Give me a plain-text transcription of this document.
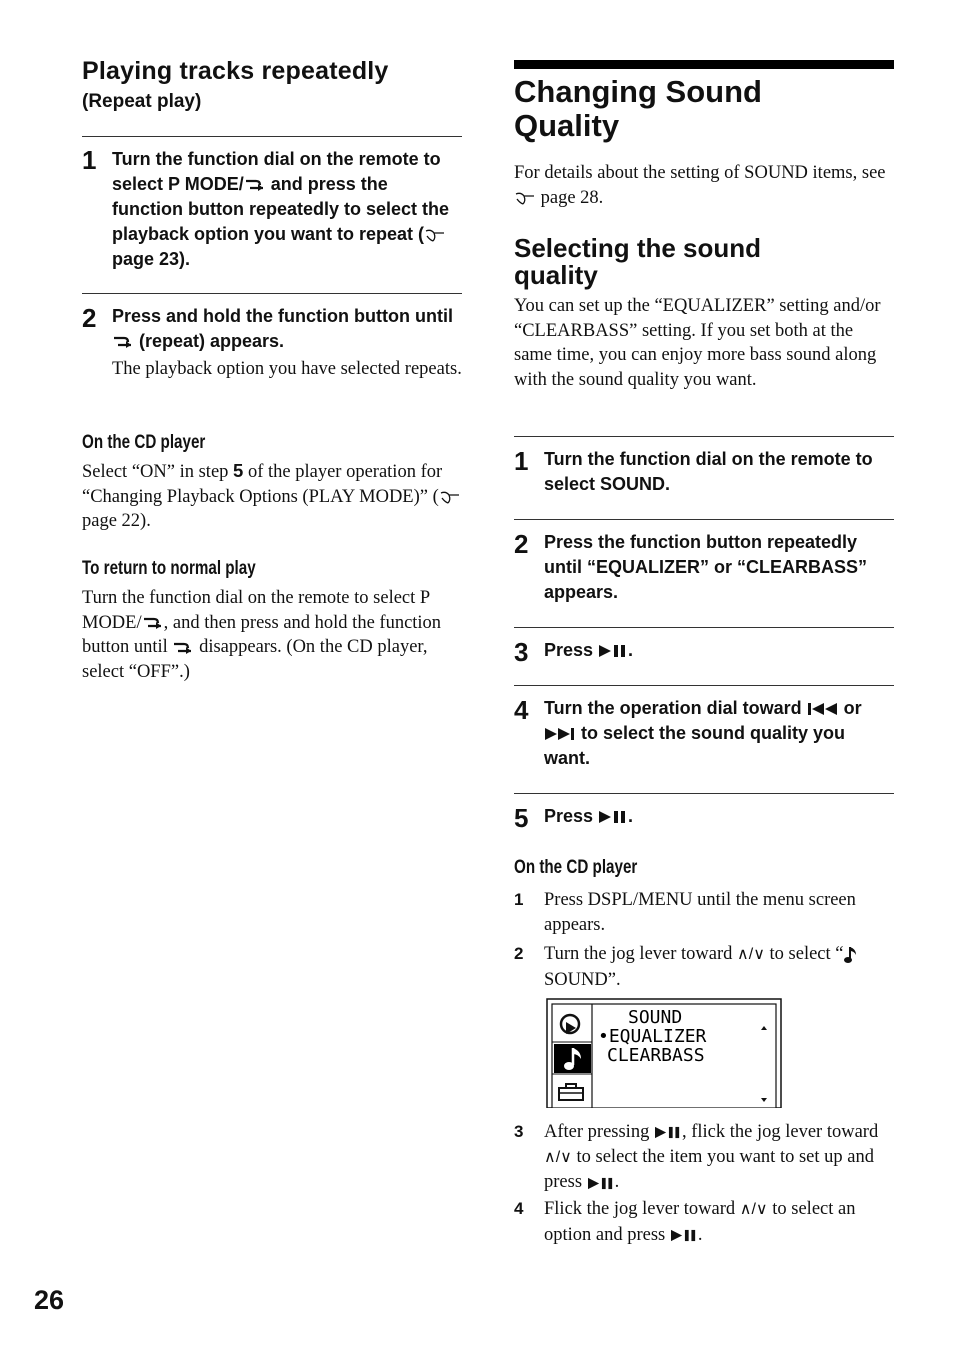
Playing tracks repeatedly
(Repeat play)
1 Turn the function dial on the remote to select P MODE/ and press the function button repeatedly to select the playback option you want to repeat (page 23).
2 Press and hold the function button until  (repeat) appears.
The playback option you have selected repeats.
On the CD player
Select “ON” in step 5 of the player operation for “Changing Playback Options (PLAY MODE)” (page 22).
To return to normal play
Turn the function dial on the remote to select P MODE/ , and then press and hold the function button until  disappears. (On the CD player, select “OFF”.)
Changing Sound
Quality
For details about the setting of SOUND items, see  page 28.
Selecting the sound
quality
You can set up the “EQUALIZER” setting and/or “CLEARBASS” setting. If you set both at the same time, you can enjoy more bass sound along with the sound quality you want.
1 Turn the function dial on the remote to select SOUND.
2 Press the function button repeatedly until “EQUALIZER” or “CLEARBASS” appears.
3 Press .
4 Turn the operation dial toward  or  to select the sound quality you want.
5 Press .
On the CD player
1 Press DSPL/MENU until the menu screen appears.
2 Turn the jog lever toward ∧/∨ to select “ SOUND”.
3 After pressing , flick the jog lever toward ∧/∨ to select the item you want to set up and press .
4 Flick the jog lever toward ∧/∨ to select an option and press .
SOUND
•EQUALIZER
CLEARBASS
26
